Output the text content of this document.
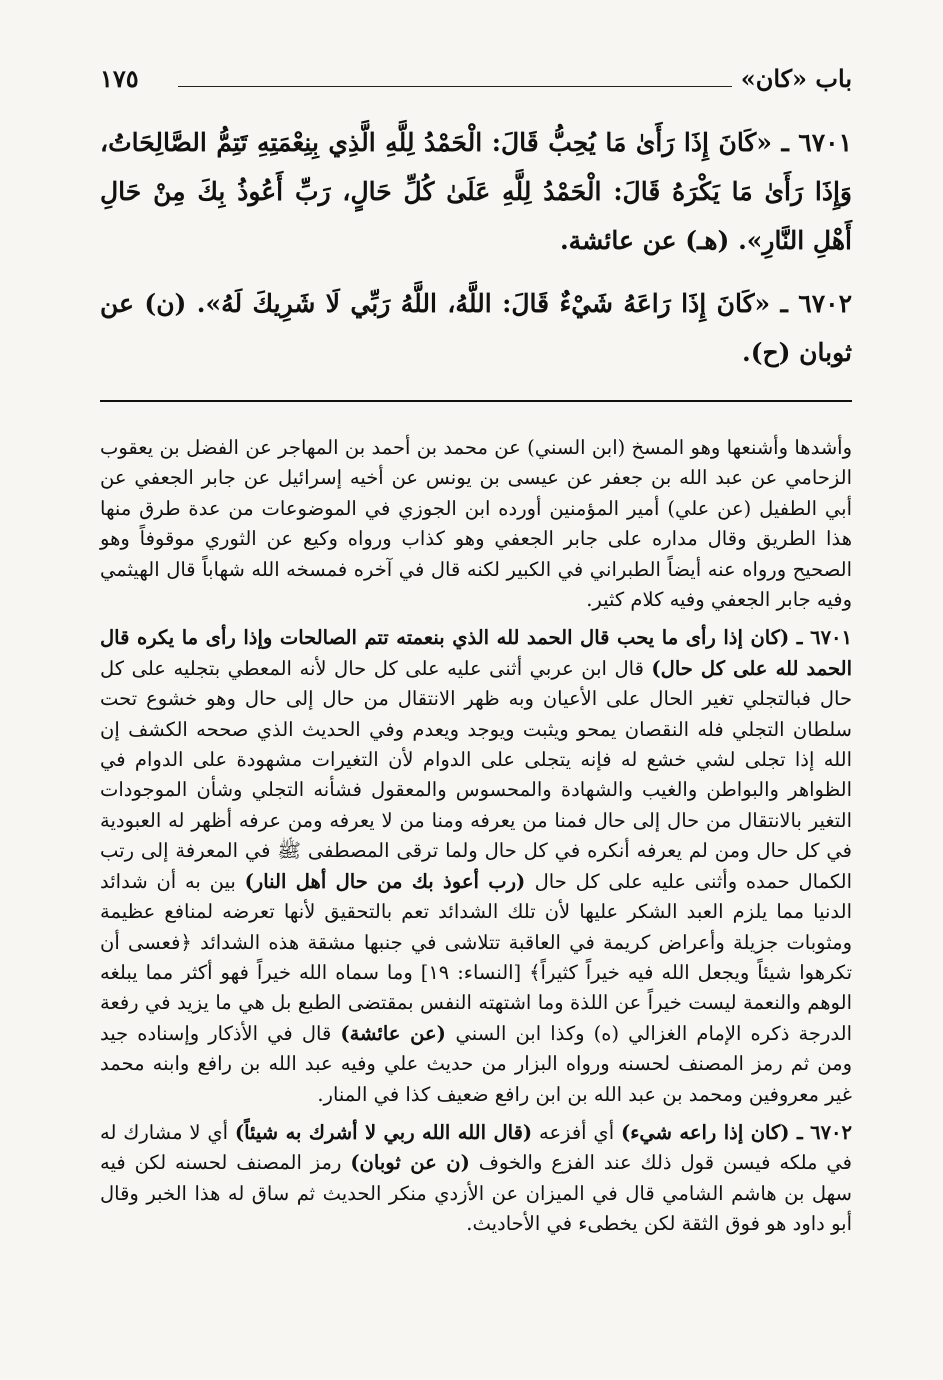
باب «كان»
١٧٥

٦٧٠١ ـ «كَانَ إِذَا رَأَىٰ مَا يُحِبُّ قَالَ: الْحَمْدُ لِلَّهِ الَّذِي بِنِعْمَتِهِ تَتِمُّ الصَّالِحَاتُ، وَإِذَا رَأَىٰ مَا يَكْرَهُ قَالَ: الْحَمْدُ لِلَّهِ عَلَىٰ كُلِّ حَالٍ، رَبِّ أَعُوذُ بِكَ مِنْ حَالِ أَهْلِ النَّارِ». (هـ) عن عائشة.

٦٧٠٢ ـ «كَانَ إِذَا رَاعَهُ شَيْءٌ قَالَ: اللَّهُ، اللَّهُ رَبِّي لَا شَرِيكَ لَهُ». (ن) عن ثوبان (ح).

وأشدها وأشنعها وهو المسخ (ابن السني) عن محمد بن أحمد بن المهاجر عن الفضل بن يعقوب الزحامي عن عبد الله بن جعفر عن عيسى بن يونس عن أخيه إسرائيل عن جابر الجعفي عن أبي الطفيل (عن علي) أمير المؤمنين أورده ابن الجوزي في الموضوعات من عدة طرق منها هذا الطريق وقال مداره على جابر الجعفي وهو كذاب ورواه وكيع عن الثوري موقوفاً وهو الصحيح ورواه عنه أيضاً الطبراني في الكبير لكنه قال في آخره فمسخه الله شهاباً قال الهيثمي وفيه جابر الجعفي وفيه كلام كثير.

٦٧٠١ ـ (كان إذا رأى ما يحب قال الحمد لله الذي بنعمته تتم الصالحات وإذا رأى ما يكره قال الحمد لله على كل حال) قال ابن عربي أثنى عليه على كل حال لأنه المعطي بتجليه على كل حال فبالتجلي تغير الحال على الأعيان وبه ظهر الانتقال من حال إلى حال وهو خشوع تحت سلطان التجلي فله النقصان يمحو ويثبت ويوجد ويعدم وفي الحديث الذي صححه الكشف إن الله إذا تجلى لشي خشع له فإنه يتجلى على الدوام لأن التغيرات مشهودة على الدوام في الظواهر والبواطن والغيب والشهادة والمحسوس والمعقول فشأنه التجلي وشأن الموجودات التغير بالانتقال من حال إلى حال فمنا من يعرفه ومنا من لا يعرفه ومن عرفه أظهر له العبودية في كل حال ومن لم يعرفه أنكره في كل حال ولما ترقى المصطفى ﷺ في المعرفة إلى رتب الكمال حمده وأثنى عليه على كل حال (رب أعوذ بك من حال أهل النار) بين به أن شدائد الدنيا مما يلزم العبد الشكر عليها لأن تلك الشدائد تعم بالتحقيق لأنها تعرضه لمنافع عظيمة ومثوبات جزيلة وأعراض كريمة في العاقبة تتلاشى في جنبها مشقة هذه الشدائد ﴿فعسى أن تكرهوا شيئاً ويجعل الله فيه خيراً كثيراً﴾ [النساء: ١٩] وما سماه الله خيراً فهو أكثر مما يبلغه الوهم والنعمة ليست خيراً عن اللذة وما اشتهته النفس بمقتضى الطبع بل هي ما يزيد في رفعة الدرجة ذكره الإمام الغزالي (ه) وكذا ابن السني (عن عائشة) قال في الأذكار وإسناده جيد ومن ثم رمز المصنف لحسنه ورواه البزار من حديث علي وفيه عبد الله بن رافع وابنه محمد غير معروفين ومحمد بن عبد الله بن ابن رافع ضعيف كذا في المنار.

٦٧٠٢ ـ (كان إذا راعه شيء) أي أفزعه (قال الله الله ربي لا أشرك به شيئاً) أي لا مشارك له في ملكه فيسن قول ذلك عند الفزع والخوف (ن عن ثوبان) رمز المصنف لحسنه لكن فيه سهل بن هاشم الشامي قال في الميزان عن الأزدي منكر الحديث ثم ساق له هذا الخبر وقال أبو داود هو فوق الثقة لكن يخطىء في الأحاديث.
